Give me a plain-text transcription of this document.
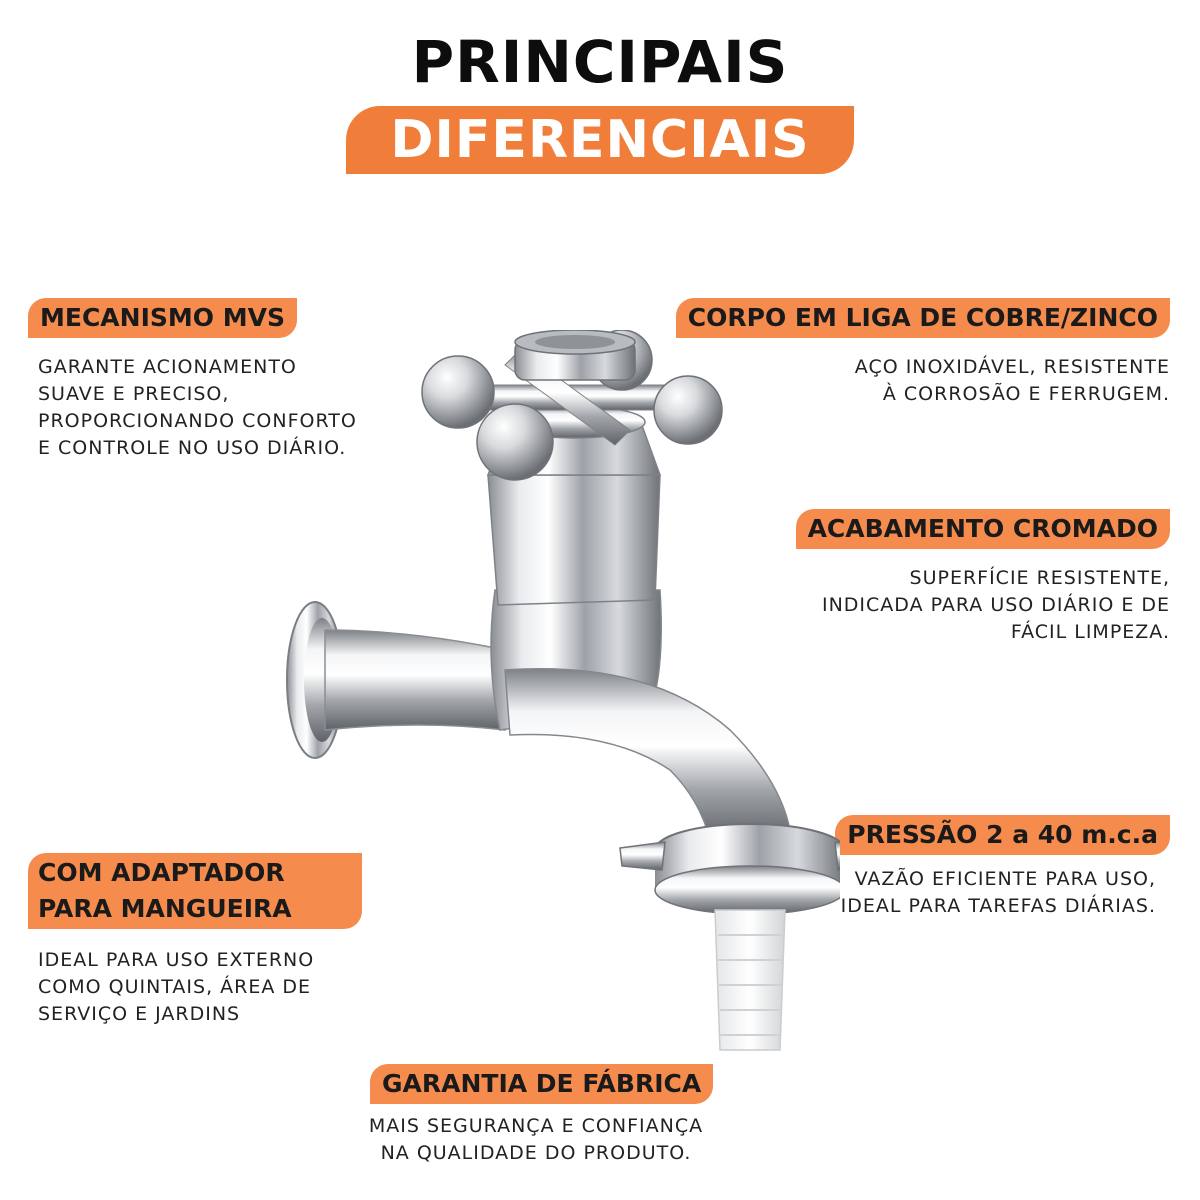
PRINCIPAIS
DIFERENCIAIS
MECANISMO MVS
GARANTE ACIONAMENTO
SUAVE E PRECISO,
PROPORCIONANDO CONFORTO
E CONTROLE NO USO DIÁRIO.
CORPO EM LIGA DE COBRE/ZINCO
AÇO INOXIDÁVEL, RESISTENTE
À CORROSÃO E FERRUGEM.
ACABAMENTO CROMADO
SUPERFÍCIE RESISTENTE,
INDICADA PARA USO DIÁRIO E DE
FÁCIL LIMPEZA.
PRESSÃO 2 a 40 m.c.a
VAZÃO EFICIENTE PARA USO,
IDEAL PARA TAREFAS DIÁRIAS.
COM ADAPTADOR PARA MANGUEIRA
IDEAL PARA USO EXTERNO
COMO QUINTAIS, ÁREA DE
SERVIÇO E JARDINS
GARANTIA DE FÁBRICA
MAIS SEGURANÇA E CONFIANÇA
NA QUALIDADE DO PRODUTO.
